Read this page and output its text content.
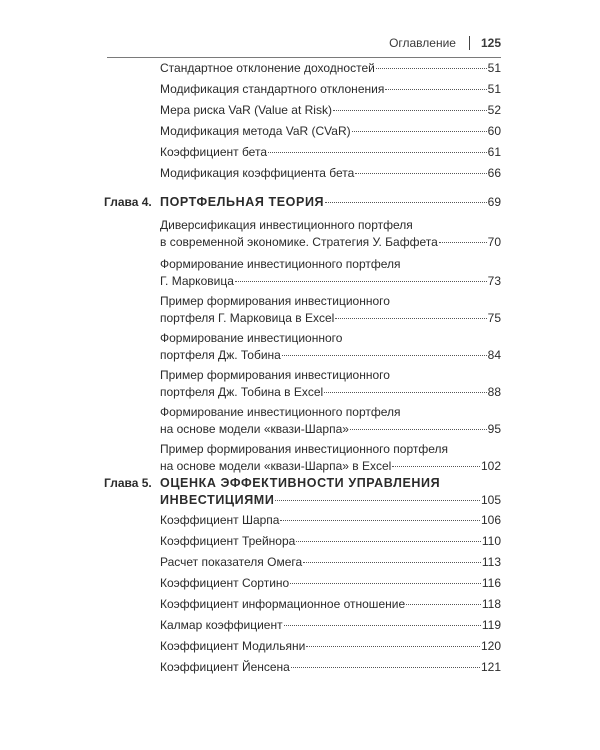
Оглавление 125
Стандартное отклонение доходностей	51
Модификация стандартного отклонения	51
Мера риска VaR (Value at Risk)	52
Модификация метода VaR (CVaR)	60
Коэффициент бета	61
Модификация коэффициента бета	66
Глава 4. ПОРТФЕЛЬНАЯ ТЕОРИЯ	69
Диверсификация инвестиционного портфеля
в современной экономике. Стратегия У. Баффета	70
Формирование инвестиционного портфеля
Г. Марковица	73
Пример формирования инвестиционного
портфеля Г. Марковица в Excel	75
Формирование инвестиционного
портфеля Дж. Тобина	84
Пример формирования инвестиционного
портфеля Дж. Тобина в Excel	88
Формирование инвестиционного портфеля
на основе модели «квази-Шарпа»	95
Пример формирования инвестиционного портфеля
на основе модели «квази-Шарпа» в Excel	102
Глава 5. ОЦЕНКА ЭФФЕКТИВНОСТИ УПРАВЛЕНИЯ
ИНВЕСТИЦИЯМИ	105
Коэффициент Шарпа	106
Коэффициент Трейнора	110
Расчет показателя Омега	113
Коэффициент Сортино	116
Коэффициент информационное отношение	118
Калмар коэффициент	119
Коэффициент Модильяни	120
Коэффициент Йенсена	121
